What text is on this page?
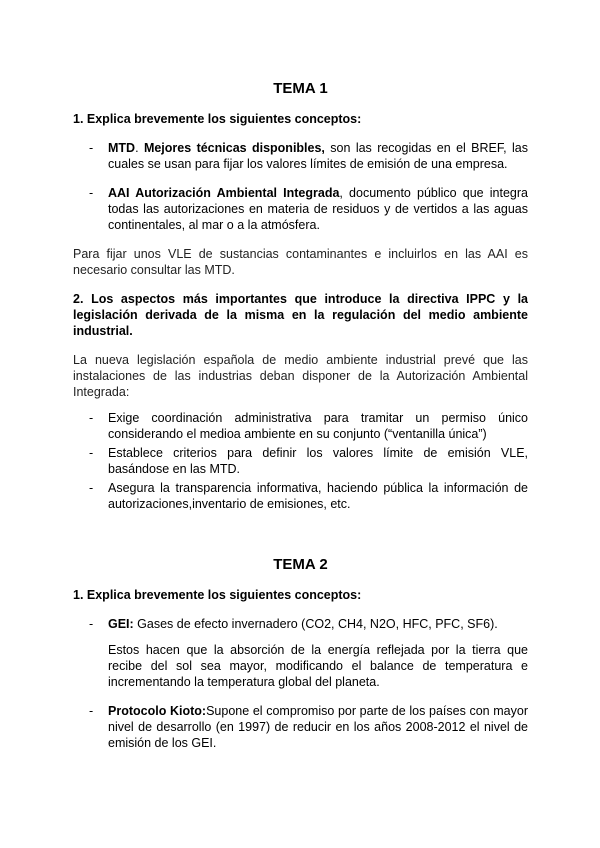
TEMA 1

1. Explica brevemente los siguientes conceptos:

- MTD. Mejores técnicas disponibles, son las recogidas en el BREF, las cuales se usan para fijar los valores límites de emisión de una empresa.
- AAI Autorización Ambiental Integrada, documento público que integra todas las autorizaciones en materia de residuos y de vertidos a las aguas continentales, al mar o a la atmósfera.

Para fijar unos VLE de sustancias contaminantes e incluirlos en las AAI es necesario consultar las MTD.

2. Los aspectos más importantes que introduce la directiva IPPC y la legislación derivada de la misma en la regulación del medio ambiente industrial.

La nueva legislación española de medio ambiente industrial prevé que las instalaciones de las industrias deban disponer de la Autorización Ambiental Integrada:

- Exige coordinación administrativa para tramitar un permiso único considerando el medioa ambiente en su conjunto (“ventanilla única”)
- Establece criterios para definir los valores límite de emisión VLE, basándose en las MTD.
- Asegura la transparencia informativa, haciendo pública la información de autorizaciones,inventario de emisiones, etc.
TEMA 2

1. Explica brevemente los siguientes conceptos:

- GEI: Gases de efecto invernadero (CO2, CH4, N2O, HFC, PFC, SF6).

Estos hacen que la absorción de la energía reflejada por la tierra que recibe del sol sea mayor, modificando el balance de temperatura e incrementando la temperatura global del planeta.

- Protocolo Kioto:Supone el compromiso por parte de los países con mayor nivel de desarrollo (en 1997) de reducir en los años 2008-2012 el nivel de emisión de los GEI.
